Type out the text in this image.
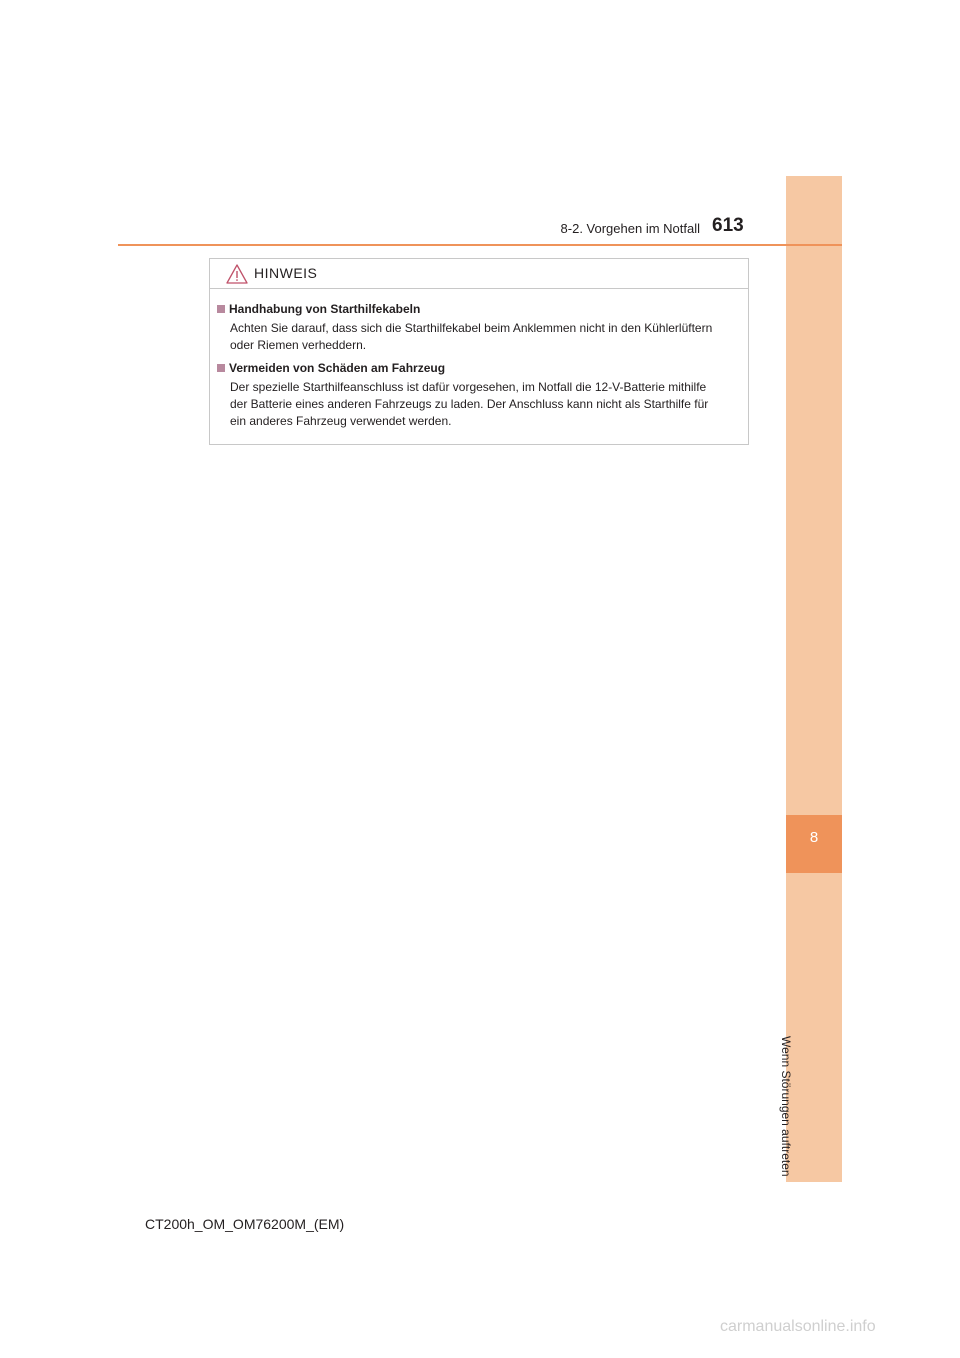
8
Wenn Störungen auftreten
8-2. Vorgehen im Notfall 613
HINWEIS
Handhabung von Starthilfekabeln
Achten Sie darauf, dass sich die Starthilfekabel beim Anklemmen nicht in den Kühlerlüftern
oder Riemen verheddern.
Vermeiden von Schäden am Fahrzeug
Der spezielle Starthilfeanschluss ist dafür vorgesehen, im Notfall die 12-V-Batterie mithilfe
der Batterie eines anderen Fahrzeugs zu laden. Der Anschluss kann nicht als Starthilfe für
ein anderes Fahrzeug verwendet werden.
CT200h_OM_OM76200M_(EM)
carmanualsonline.info
